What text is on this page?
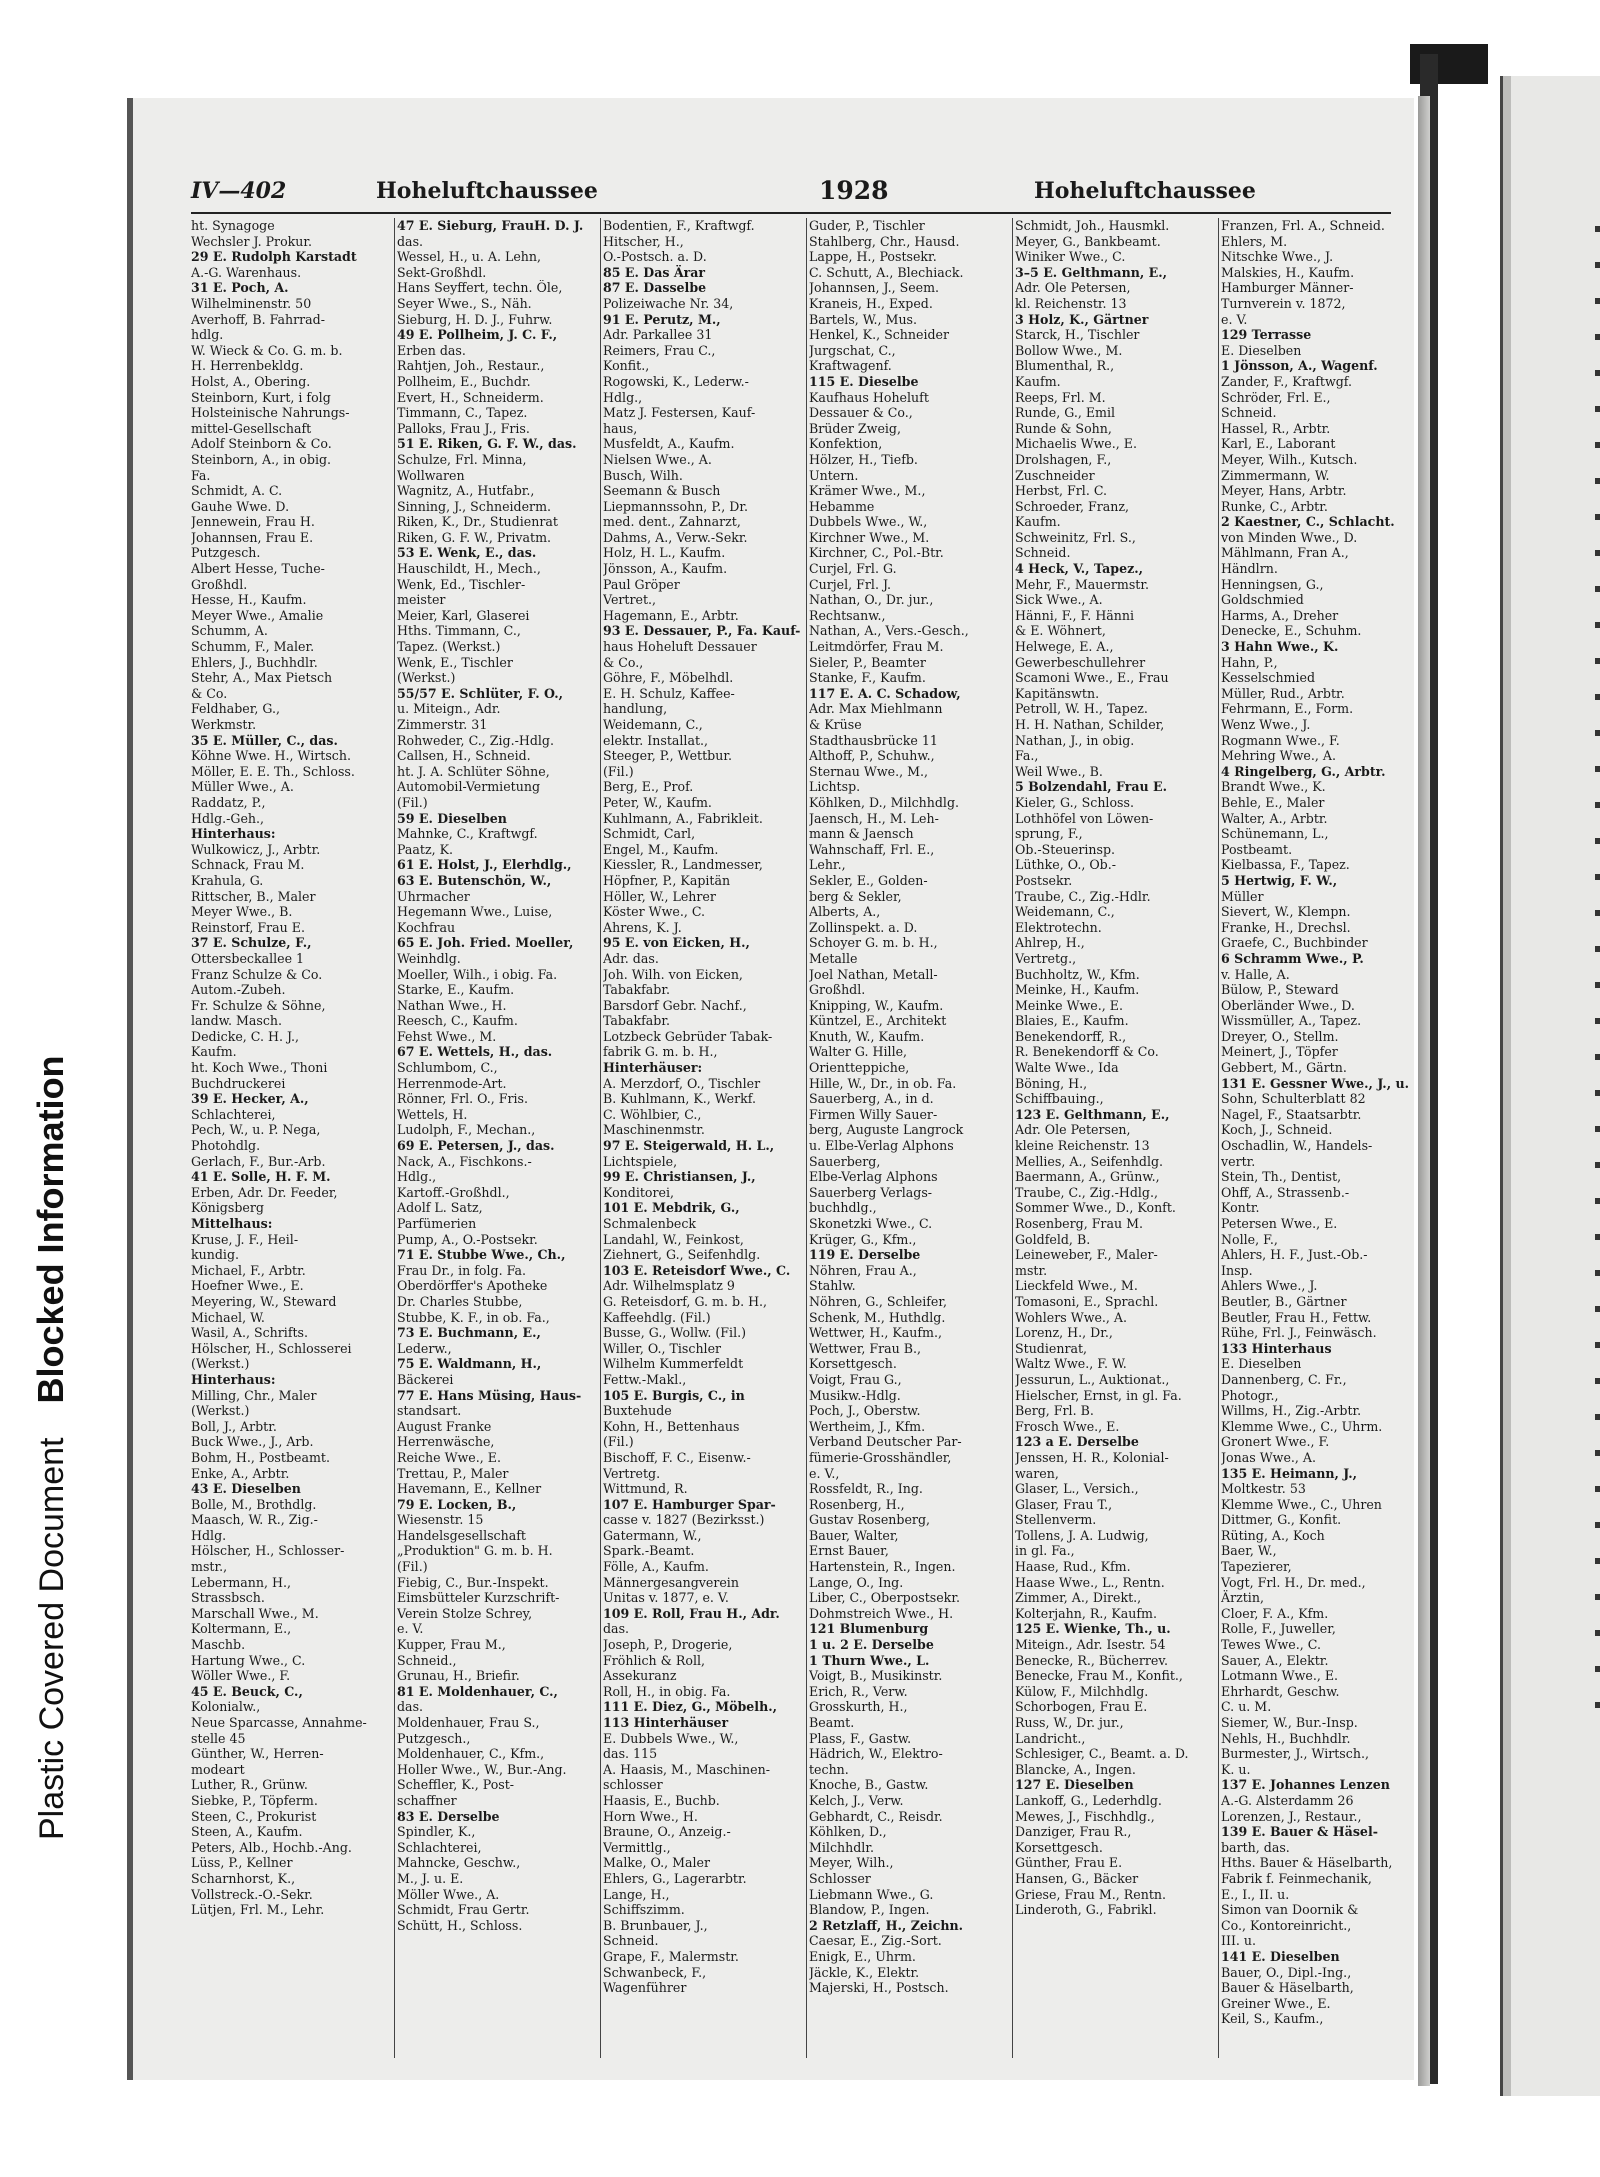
Plastic Covered DocumentBlocked Information
IV—402	Hoheluftchaussee	1928	Hoheluftchaussee
ht. Synagoge
Wechsler J. Prokur.
29 E. Rudolph Karstadt
A.-G. Warenhaus.
31 E. Poch, A.
Wilhelminenstr. 50
Averhoff, B. Fahrrad-
hdlg.
W. Wieck & Co. G. m. b.
H. Herrenbekldg.
Holst, A., Obering.
Steinborn, Kurt, i folg
Holsteinische Nahrungs-
mittel-Gesellschaft
Adolf Steinborn & Co.
Steinborn, A., in obig.
Fa.
Schmidt, A. C.
Gauhe Wwe. D.
Jennewein, Frau H.
Johannsen, Frau E.
Putzgesch.
Albert Hesse, Tuche-
Großhdl.
Hesse, H., Kaufm.
Meyer Wwe., Amalie
Schumm, A.
Schumm, F., Maler.
Ehlers, J., Buchhdlr.
Stehr, A., Max Pietsch
& Co.
Feldhaber, G.,
Werkmstr.
35 E. Müller, C., das.
Köhne Wwe. H., Wirtsch.
Möller, E. E. Th., Schloss.
Müller Wwe., A.
Raddatz, P.,
Hdlg.-Geh.,
Hinterhaus:
Wulkowicz, J., Arbtr.
Schnack, Frau M.
Krahula, G.
Rittscher, B., Maler
Meyer Wwe., B.
Reinstorf, Frau E.
37 E. Schulze, F.,
Ottersbeckallee 1
Franz Schulze & Co.
Autom.-Zubeh.
Fr. Schulze & Söhne,
landw. Masch.
Dedicke, C. H. J.,
Kaufm.
ht. Koch Wwe., Thoni
Buchdruckerei
39 E. Hecker, A.,
Schlachterei,
Pech, W., u. P. Nega,
Photohdlg.
Gerlach, F., Bur.-Arb.
41 E. Solle, H. F. M.
Erben, Adr. Dr. Feeder,
Königsberg
Mittelhaus:
Kruse, J. F., Heil-
kundig.
Michael, F., Arbtr.
Hoefner Wwe., E.
Meyering, W., Steward
Michael, W.
Wasil, A., Schrifts.
Hölscher, H., Schlosserei
(Werkst.)
Hinterhaus:
Milling, Chr., Maler
(Werkst.)
Boll, J., Arbtr.
Buck Wwe., J., Arb.
Bohm, H., Postbeamt.
Enke, A., Arbtr.
43 E. Dieselben
Bolle, M., Brothdlg.
Maasch, W. R., Zig.-
Hdlg.
Hölscher, H., Schlosser-
mstr.,
Lebermann, H.,
Strassbsch.
Marschall Wwe., M.
Koltermann, E.,
Maschb.
Hartung Wwe., C.
Wöller Wwe., F.
45 E. Beuck, C.,
Kolonialw.,
Neue Sparcasse, Annahme-
stelle 45
Günther, W., Herren-
modeart
Luther, R., Grünw.
Siebke, P., Töpferm.
Steen, C., Prokurist
Steen, A., Kaufm.
Peters, Alb., Hochb.-Ang.
Lüss, P., Kellner
Scharnhorst, K.,
Vollstreck.-O.-Sekr.
Lütjen, Frl. M., Lehr.
47 E. Sieburg, FrauH. D. J.
das.
Wessel, H., u. A. Lehn,
Sekt-Großhdl.
Hans Seyffert, techn. Öle,
Seyer Wwe., S., Näh.
Sieburg, H. D. J., Fuhrw.
49 E. Pollheim, J. C. F.,
Erben das.
Rahtjen, Joh., Restaur.,
Pollheim, E., Buchdr.
Evert, H., Schneiderm.
Timmann, C., Tapez.
Palloks, Frau J., Fris.
51 E. Riken, G. F. W., das.
Schulze, Frl. Minna,
Wollwaren
Wagnitz, A., Hutfabr.,
Sinning, J., Schneiderm.
Riken, K., Dr., Studienrat
Riken, G. F. W., Privatm.
53 E. Wenk, E., das.
Hauschildt, H., Mech.,
Wenk, Ed., Tischler-
meister
Meier, Karl, Glaserei
Hths. Timmann, C.,
Tapez. (Werkst.)
Wenk, E., Tischler
(Werkst.)
55/57 E. Schlüter, F. O.,
u. Miteign., Adr.
Zimmerstr. 31
Rohweder, C., Zig.-Hdlg.
Callsen, H., Schneid.
ht. J. A. Schlüter Söhne,
Automobil-Vermietung
(Fil.)
59 E. Dieselben
Mahnke, C., Kraftwgf.
Paatz, K.
61 E. Holst, J., Elerhdlg.,
63 E. Butenschön, W.,
Uhrmacher
Hegemann Wwe., Luise,
Kochfrau
65 E. Joh. Fried. Moeller,
Weinhdlg.
Moeller, Wilh., i obig. Fa.
Starke, E., Kaufm.
Nathan Wwe., H.
Reesch, C., Kaufm.
Fehst Wwe., M.
67 E. Wettels, H., das.
Schlumbom, C.,
Herrenmode-Art.
Rönner, Frl. O., Fris.
Wettels, H.
Ludolph, F., Mechan.,
69 E. Petersen, J., das.
Nack, A., Fischkons.-
Hdlg.,
Kartoff.-Großhdl.,
Adolf L. Satz,
Parfümerien
Pump, A., O.-Postsekr.
71 E. Stubbe Wwe., Ch.,
Frau Dr., in folg. Fa.
Oberdörffer's Apotheke
Dr. Charles Stubbe,
Stubbe, K. F., in ob. Fa.,
73 E. Buchmann, E.,
Lederw.,
75 E. Waldmann, H.,
Bäckerei
77 E. Hans Müsing, Haus-
standsart.
August Franke
Herrenwäsche,
Reiche Wwe., E.
Trettau, P., Maler
Havemann, E., Kellner
79 E. Locken, B.,
Wiesenstr. 15
Handelsgesellschaft
„Produktion" G. m. b. H.
(Fil.)
Fiebig, C., Bur.-Inspekt.
Eimsbütteler Kurzschrift-
Verein Stolze Schrey,
e. V.
Kupper, Frau M.,
Schneid.,
Grunau, H., Briefir.
81 E. Moldenhauer, C.,
das.
Moldenhauer, Frau S.,
Putzgesch.,
Moldenhauer, C., Kfm.,
Holler Wwe., W., Bur.-Ang.
Scheffler, K., Post-
schaffner
83 E. Derselbe
Spindler, K.,
Schlachterei,
Mahncke, Geschw.,
M., J. u. E.
Möller Wwe., A.
Schmidt, Frau Gertr.
Schütt, H., Schloss.
Bodentien, F., Kraftwgf.
Hitscher, H.,
O.-Postsch. a. D.
85 E. Das Ärar
87 E. Dasselbe
Polizeiwache Nr. 34,
91 E. Perutz, M.,
Adr. Parkallee 31
Reimers, Frau C.,
Konfit.,
Rogowski, K., Lederw.-
Hdlg.,
Matz J. Festersen, Kauf-
haus,
Musfeldt, A., Kaufm.
Nielsen Wwe., A.
Busch, Wilh.
Seemann & Busch
Liepmannssohn, P., Dr.
med. dent., Zahnarzt,
Dahms, A., Verw.-Sekr.
Holz, H. L., Kaufm.
Jönsson, A., Kaufm.
Paul Gröper
Vertret.,
Hagemann, E., Arbtr.
93 E. Dessauer, P., Fa. Kauf-
haus Hoheluft Dessauer
& Co.,
Göhre, F., Möbelhdl.
E. H. Schulz, Kaffee-
handlung,
Weidemann, C.,
elektr. Installat.,
Steeger, P., Wettbur.
(Fil.)
Berg, E., Prof.
Peter, W., Kaufm.
Kuhlmann, A., Fabrikleit.
Schmidt, Carl,
Engel, M., Kaufm.
Kiessler, R., Landmesser,
Höpfner, P., Kapitän
Höller, W., Lehrer
Köster Wwe., C.
Ahrens, K. J.
95 E. von Eicken, H.,
Adr. das.
Joh. Wilh. von Eicken,
Tabakfabr.
Barsdorf Gebr. Nachf.,
Tabakfabr.
Lotzbeck Gebrüder Tabak-
fabrik G. m. b. H.,
Hinterhäuser:
A. Merzdorf, O., Tischler
B. Kuhlmann, K., Werkf.
C. Wöhlbier, C.,
Maschinenmstr.
97 E. Steigerwald, H. L.,
Lichtspiele,
99 E. Christiansen, J.,
Konditorei,
101 E. Mebdrik, G.,
Schmalenbeck
Landahl, W., Feinkost,
Ziehnert, G., Seifenhdlg.
103 E. Reteisdorf Wwe., C.
Adr. Wilhelmsplatz 9
G. Reteisdorf, G. m. b. H.,
Kaffeehdlg. (Fil.)
Busse, G., Wollw. (Fil.)
Willer, O., Tischler
Wilhelm Kummerfeldt
Fettw.-Makl.,
105 E. Burgis, C., in
Buxtehude
Kohn, H., Bettenhaus
(Fil.)
Bischoff, F. C., Eisenw.-
Vertretg.
Wittmund, R.
107 E. Hamburger Spar-
casse v. 1827 (Bezirksst.)
Gatermann, W.,
Spark.-Beamt.
Fölle, A., Kaufm.
Männergesangverein
Unitas v. 1877, e. V.
109 E. Roll, Frau H., Adr.
das.
Joseph, P., Drogerie,
Fröhlich & Roll,
Assekuranz
Roll, H., in obig. Fa.
111 E. Diez, G., Möbelh.,
113 Hinterhäuser
E. Dubbels Wwe., W.,
das. 115
A. Haasis, M., Maschinen-
schlosser
Haasis, E., Buchb.
Horn Wwe., H.
Braune, O., Anzeig.-
Vermittlg.,
Malke, O., Maler
Ehlers, G., Lagerarbtr.
Lange, H.,
Schiffszimm.
B. Brunbauer, J.,
Schneid.
Grape, F., Malermstr.
Schwanbeck, F.,
Wagenführer
Guder, P., Tischler
Stahlberg, Chr., Hausd.
Lappe, H., Postsekr.
C. Schutt, A., Blechiack.
Johannsen, J., Seem.
Kraneis, H., Exped.
Bartels, W., Mus.
Henkel, K., Schneider
Jurgschat, C.,
Kraftwagenf.
115 E. Dieselbe
Kaufhaus Hoheluft
Dessauer & Co.,
Brüder Zweig,
Konfektion,
Hölzer, H., Tiefb.
Untern.
Krämer Wwe., M.,
Hebamme
Dubbels Wwe., W.,
Kirchner Wwe., M.
Kirchner, C., Pol.-Btr.
Curjel, Frl. G.
Curjel, Frl. J.
Nathan, O., Dr. jur.,
Rechtsanw.,
Nathan, A., Vers.-Gesch.,
Leitmdörfer, Frau M.
Sieler, P., Beamter
Stanke, F., Kaufm.
117 E. A. C. Schadow,
Adr. Max Miehlmann
& Krüse
Stadthausbrücke 11
Althoff, P., Schuhw.,
Sternau Wwe., M.,
Lichtsp.
Köhlken, D., Milchhdlg.
Jaensch, H., M. Leh-
mann & Jaensch
Wahnschaff, Frl. E.,
Lehr.,
Sekler, E., Golden-
berg & Sekler,
Alberts, A.,
Zollinspekt. a. D.
Schoyer G. m. b. H.,
Metalle
Joel Nathan, Metall-
Großhdl.
Knipping, W., Kaufm.
Küntzel, E., Architekt
Knuth, W., Kaufm.
Walter G. Hille,
Orientteppiche,
Hille, W., Dr., in ob. Fa.
Sauerberg, A., in d.
Firmen Willy Sauer-
berg, Auguste Langrock
u. Elbe-Verlag Alphons
Sauerberg,
Elbe-Verlag Alphons
Sauerberg Verlags-
buchhdlg.,
Skonetzki Wwe., C.
Krüger, G., Kfm.,
119 E. Derselbe
Nöhren, Frau A.,
Stahlw.
Nöhren, G., Schleifer,
Schenk, M., Huthdlg.
Wettwer, H., Kaufm.,
Wettwer, Frau B.,
Korsettgesch.
Voigt, Frau G.,
Musikw.-Hdlg.
Poch, J., Oberstw.
Wertheim, J., Kfm.
Verband Deutscher Par-
fümerie-Grosshändler,
e. V.,
Rossfeldt, R., Ing.
Rosenberg, H.,
Gustav Rosenberg,
Bauer, Walter,
Ernst Bauer,
Hartenstein, R., Ingen.
Lange, O., Ing.
Liber, C., Oberpostsekr.
Dohmstreich Wwe., H.
121 Blumenburg
1 u. 2 E. Derselbe
1 Thurn Wwe., L.
Voigt, B., Musikinstr.
Erich, R., Verw.
Grosskurth, H.,
Beamt.
Plass, F., Gastw.
Hädrich, W., Elektro-
techn.
Knoche, B., Gastw.
Kelch, J., Verw.
Gebhardt, C., Reisdr.
Köhlken, D.,
Milchhdlr.
Meyer, Wilh.,
Schlosser
Liebmann Wwe., G.
Blandow, P., Ingen.
2 Retzlaff, H., Zeichn.
Caesar, E., Zig.-Sort.
Enigk, E., Uhrm.
Jäckle, K., Elektr.
Majerski, H., Postsch.
Schmidt, Joh., Hausmkl.
Meyer, G., Bankbeamt.
Winiker Wwe., C.
3–5 E. Gelthmann, E.,
Adr. Ole Petersen,
kl. Reichenstr. 13
3 Holz, K., Gärtner
Starck, H., Tischler
Bollow Wwe., M.
Blumenthal, R.,
Kaufm.
Reeps, Frl. M.
Runde, G., Emil
Runde & Sohn,
Michaelis Wwe., E.
Drolshagen, F.,
Zuschneider
Herbst, Frl. C.
Schroeder, Franz,
Kaufm.
Schweinitz, Frl. S.,
Schneid.
4 Heck, V., Tapez.,
Mehr, F., Mauermstr.
Sick Wwe., A.
Hänni, F., F. Hänni
& E. Wöhnert,
Helwege, E. A.,
Gewerbeschullehrer
Scamoni Wwe., E., Frau
Kapitänswtn.
Petroll, W. H., Tapez.
H. H. Nathan, Schilder,
Nathan, J., in obig.
Fa.,
Weil Wwe., B.
5 Bolzendahl, Frau E.
Kieler, G., Schloss.
Lothhöfel von Löwen-
sprung, F.,
Ob.-Steuerinsp.
Lüthke, O., Ob.-
Postsekr.
Traube, C., Zig.-Hdlr.
Weidemann, C.,
Elektrotechn.
Ahlrep, H.,
Vertretg.,
Buchholtz, W., Kfm.
Meinke, H., Kaufm.
Meinke Wwe., E.
Blaies, E., Kaufm.
Benekendorff, R.,
R. Benekendorff & Co.
Walte Wwe., Ida
Böning, H.,
Schiffbauing.,
123 E. Gelthmann, E.,
Adr. Ole Petersen,
kleine Reichenstr. 13
Mellies, A., Seifenhdlg.
Baermann, A., Grünw.,
Traube, C., Zig.-Hdlg.,
Sommer Wwe., D., Konft.
Rosenberg, Frau M.
Goldfeld, B.
Leineweber, F., Maler-
mstr.
Lieckfeld Wwe., M.
Tomasoni, E., Sprachl.
Wohlers Wwe., A.
Lorenz, H., Dr.,
Studienrat,
Waltz Wwe., F. W.
Jessurun, L., Auktionat.,
Hielscher, Ernst, in gl. Fa.
Berg, Frl. B.
Frosch Wwe., E.
123 a E. Derselbe
Jenssen, H. R., Kolonial-
waren,
Glaser, L., Versich.,
Glaser, Frau T.,
Stellenverm.
Tollens, J. A. Ludwig,
in gl. Fa.,
Haase, Rud., Kfm.
Haase Wwe., L., Rentn.
Zimmer, A., Direkt.,
Kolterjahn, R., Kaufm.
125 E. Wienke, Th., u.
Miteign., Adr. Isestr. 54
Benecke, R., Bücherrev.
Benecke, Frau M., Konfit.,
Külow, F., Milchhdlg.
Schorbogen, Frau E.
Russ, W., Dr. jur.,
Landricht.,
Schlesiger, C., Beamt. a. D.
Blancke, A., Ingen.
127 E. Dieselben
Lankoff, G., Lederhdlg.
Mewes, J., Fischhdlg.,
Danziger, Frau R.,
Korsettgesch.
Günther, Frau E.
Hansen, G., Bäcker
Griese, Frau M., Rentn.
Linderoth, G., Fabrikl.
Franzen, Frl. A., Schneid.
Ehlers, M.
Nitschke Wwe., J.
Malskies, H., Kaufm.
Hamburger Männer-
Turnverein v. 1872,
e. V.
129 Terrasse
E. Dieselben
1 Jönsson, A., Wagenf.
Zander, F., Kraftwgf.
Schröder, Frl. E.,
Schneid.
Hassel, R., Arbtr.
Karl, E., Laborant
Meyer, Wilh., Kutsch.
Zimmermann, W.
Meyer, Hans, Arbtr.
Runke, C., Arbtr.
2 Kaestner, C., Schlacht.
von Minden Wwe., D.
Mählmann, Fran A.,
Händlrn.
Henningsen, G.,
Goldschmied
Harms, A., Dreher
Denecke, E., Schuhm.
3 Hahn Wwe., K.
Hahn, P.,
Kesselschmied
Müller, Rud., Arbtr.
Fehrmann, E., Form.
Wenz Wwe., J.
Rogmann Wwe., F.
Mehring Wwe., A.
4 Ringelberg, G., Arbtr.
Brandt Wwe., K.
Behle, E., Maler
Walter, A., Arbtr.
Schünemann, L.,
Postbeamt.
Kielbassa, F., Tapez.
5 Hertwig, F. W.,
Müller
Sievert, W., Klempn.
Franke, H., Drechsl.
Graefe, C., Buchbinder
6 Schramm Wwe., P.
v. Halle, A.
Bülow, P., Steward
Oberländer Wwe., D.
Wissmüller, A., Tapez.
Dreyer, O., Stellm.
Meinert, J., Töpfer
Gebbert, M., Gärtn.
131 E. Gessner Wwe., J., u.
Sohn, Schulterblatt 82
Nagel, F., Staatsarbtr.
Koch, J., Schneid.
Oschadlin, W., Handels-
vertr.
Stein, Th., Dentist,
Ohff, A., Strassenb.-
Kontr.
Petersen Wwe., E.
Nolle, F.,
Ahlers, H. F., Just.-Ob.-
Insp.
Ahlers Wwe., J.
Beutler, B., Gärtner
Beutler, Frau H., Fettw.
Rühe, Frl. J., Feinwäsch.
133 Hinterhaus
E. Dieselben
Dannenberg, C. Fr.,
Photogr.,
Willms, H., Zig.-Arbtr.
Klemme Wwe., C., Uhrm.
Gronert Wwe., F.
Jonas Wwe., A.
135 E. Heimann, J.,
Moltkestr. 53
Klemme Wwe., C., Uhren
Dittmer, G., Konfit.
Rüting, A., Koch
Baer, W.,
Tapezierer,
Vogt, Frl. H., Dr. med.,
Ärztin,
Cloer, F. A., Kfm.
Rolle, F., Juweller,
Tewes Wwe., C.
Sauer, A., Elektr.
Lotmann Wwe., E.
Ehrhardt, Geschw.
C. u. M.
Siemer, W., Bur.-Insp.
Nehls, H., Buchhdlr.
Burmester, J., Wirtsch.,
K. u.
137 E. Johannes Lenzen
A.-G. Alsterdamm 26
Lorenzen, J., Restaur.,
139 E. Bauer & Häsel-
barth, das.
Hths. Bauer & Häselbarth,
Fabrik f. Feinmechanik,
E., I., II. u.
Simon van Doornik &
Co., Kontoreinricht.,
III. u.
141 E. Dieselben
Bauer, O., Dipl.-Ing.,
Bauer & Häselbarth,
Greiner Wwe., E.
Keil, S., Kaufm.,
